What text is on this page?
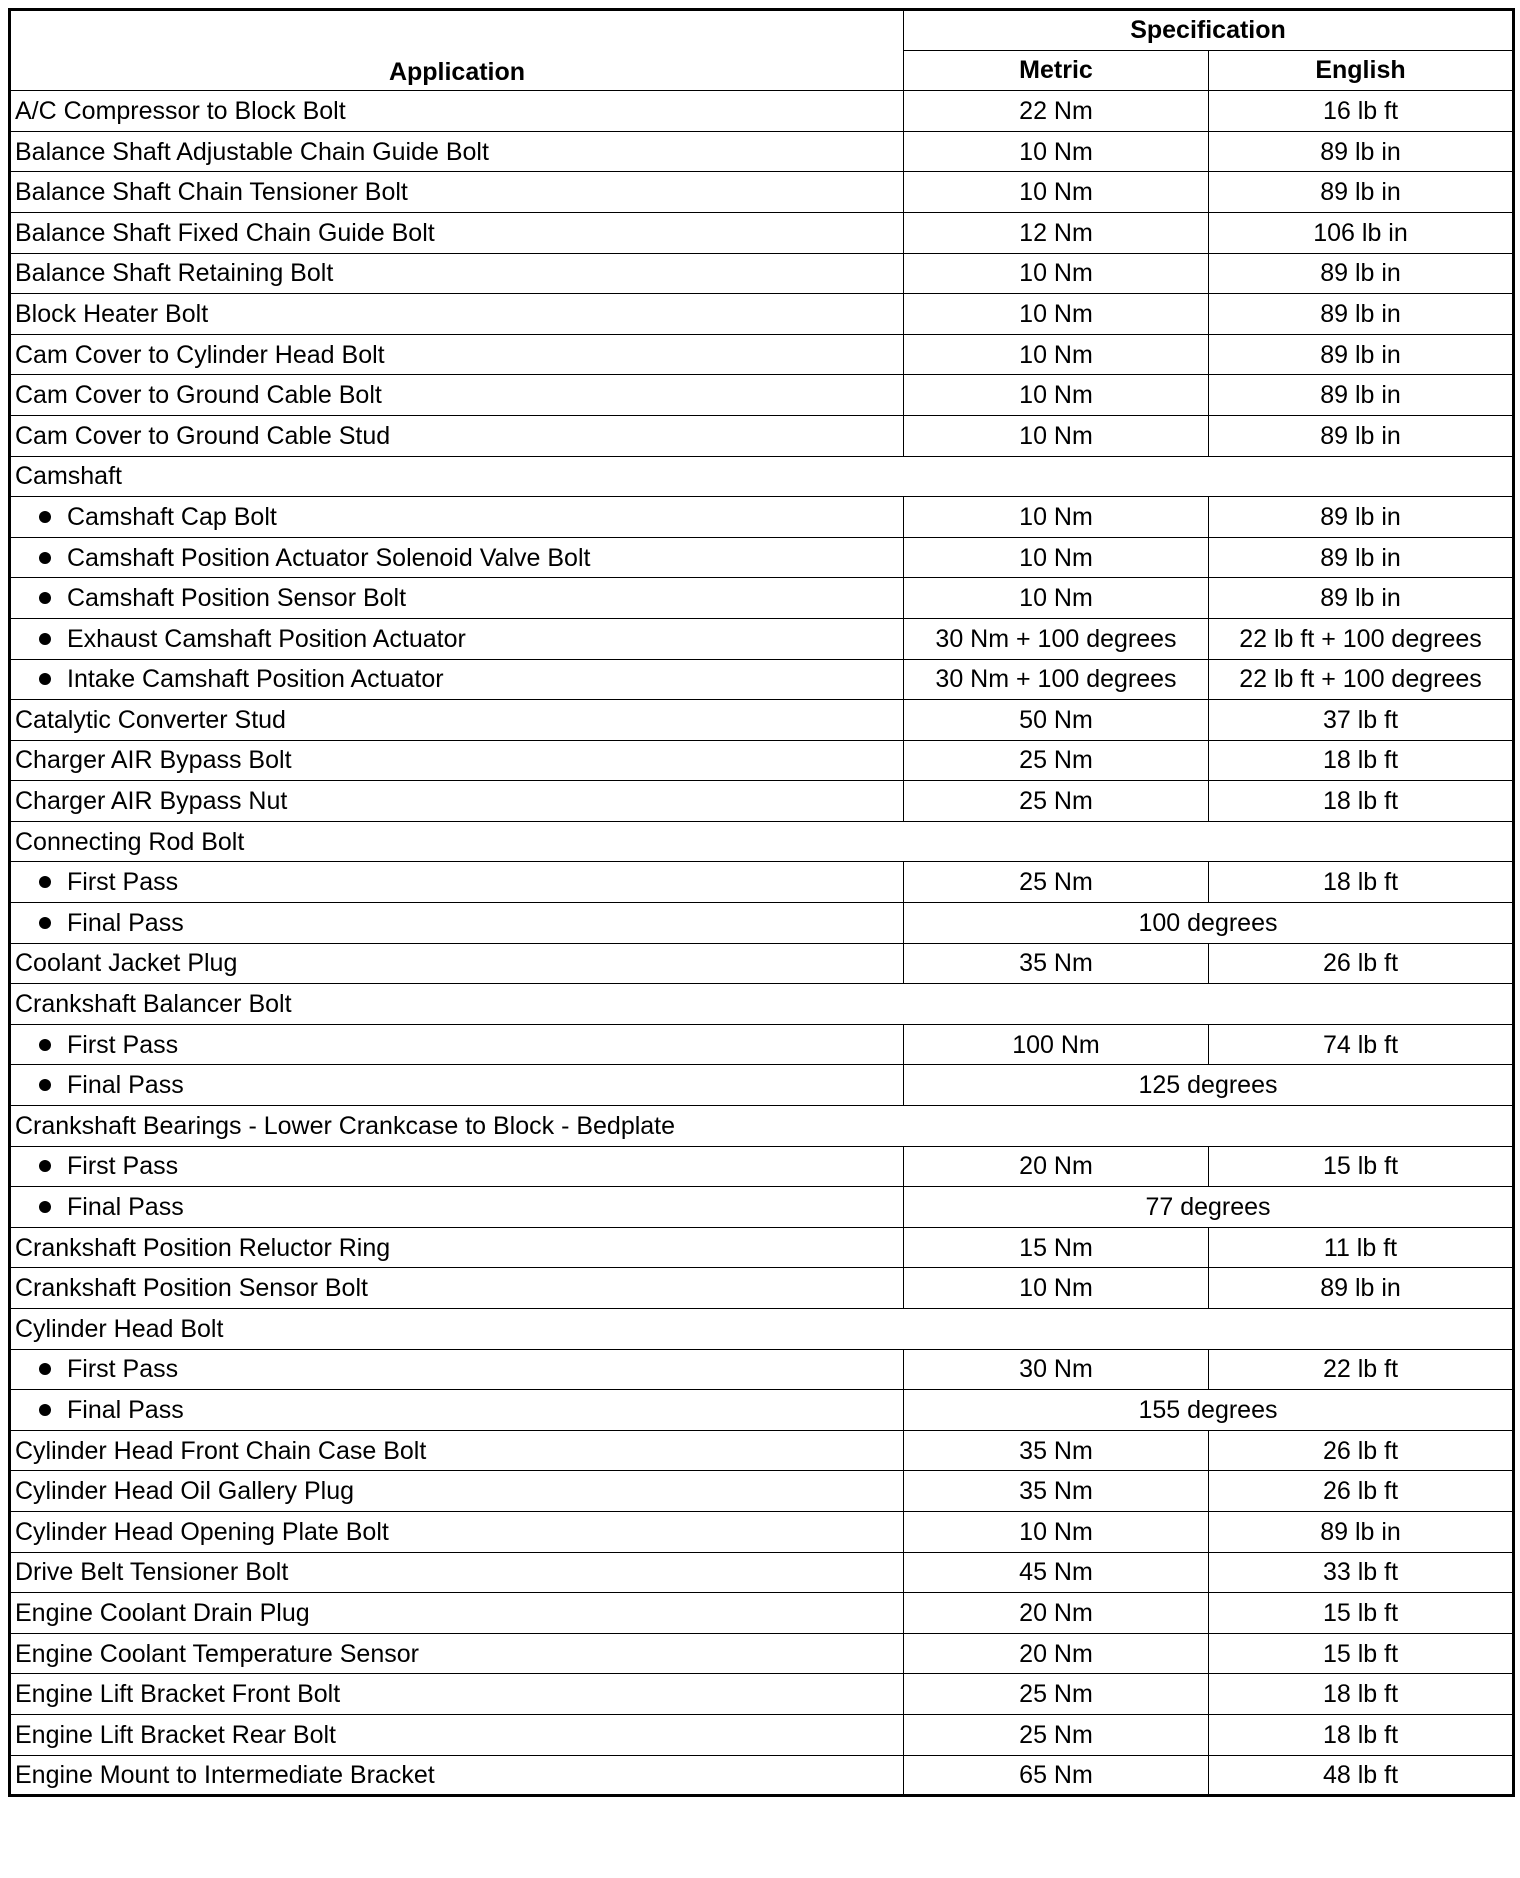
Application	Specification	
	Metric	English
A/C Compressor to Block Bolt	22 Nm	16 lb ft
Balance Shaft Adjustable Chain Guide Bolt	10 Nm	89 lb in
Balance Shaft Chain Tensioner Bolt	10 Nm	89 lb in
Balance Shaft Fixed Chain Guide Bolt	12 Nm	106 lb in
Balance Shaft Retaining Bolt	10 Nm	89 lb in
Block Heater Bolt	10 Nm	89 lb in
Cam Cover to Cylinder Head Bolt	10 Nm	89 lb in
Cam Cover to Ground Cable Bolt	10 Nm	89 lb in
Cam Cover to Ground Cable Stud	10 Nm	89 lb in
Camshaft		
Camshaft Cap Bolt	10 Nm	89 lb in
Camshaft Position Actuator Solenoid Valve Bolt	10 Nm	89 lb in
Camshaft Position Sensor Bolt	10 Nm	89 lb in
Exhaust Camshaft Position Actuator	30 Nm + 100 degrees	22 lb ft + 100 degrees
Intake Camshaft Position Actuator	30 Nm + 100 degrees	22 lb ft + 100 degrees
Catalytic Converter Stud	50 Nm	37 lb ft
Charger AIR Bypass Bolt	25 Nm	18 lb ft
Charger AIR Bypass Nut	25 Nm	18 lb ft
Connecting Rod Bolt		
First Pass	25 Nm	18 lb ft
Final Pass	100 degrees	
Coolant Jacket Plug	35 Nm	26 lb ft
Crankshaft Balancer Bolt		
First Pass	100 Nm	74 lb ft
Final Pass	125 degrees	
Crankshaft Bearings - Lower Crankcase to Block - Bedplate		
First Pass	20 Nm	15 lb ft
Final Pass	77 degrees	
Crankshaft Position Reluctor Ring	15 Nm	11 lb ft
Crankshaft Position Sensor Bolt	10 Nm	89 lb in
Cylinder Head Bolt		
First Pass	30 Nm	22 lb ft
Final Pass	155 degrees	
Cylinder Head Front Chain Case Bolt	35 Nm	26 lb ft
Cylinder Head Oil Gallery Plug	35 Nm	26 lb ft
Cylinder Head Opening Plate Bolt	10 Nm	89 lb in
Drive Belt Tensioner Bolt	45 Nm	33 lb ft
Engine Coolant Drain Plug	20 Nm	15 lb ft
Engine Coolant Temperature Sensor	20 Nm	15 lb ft
Engine Lift Bracket Front Bolt	25 Nm	18 lb ft
Engine Lift Bracket Rear Bolt	25 Nm	18 lb ft
Engine Mount to Intermediate Bracket	65 Nm	48 lb ft
